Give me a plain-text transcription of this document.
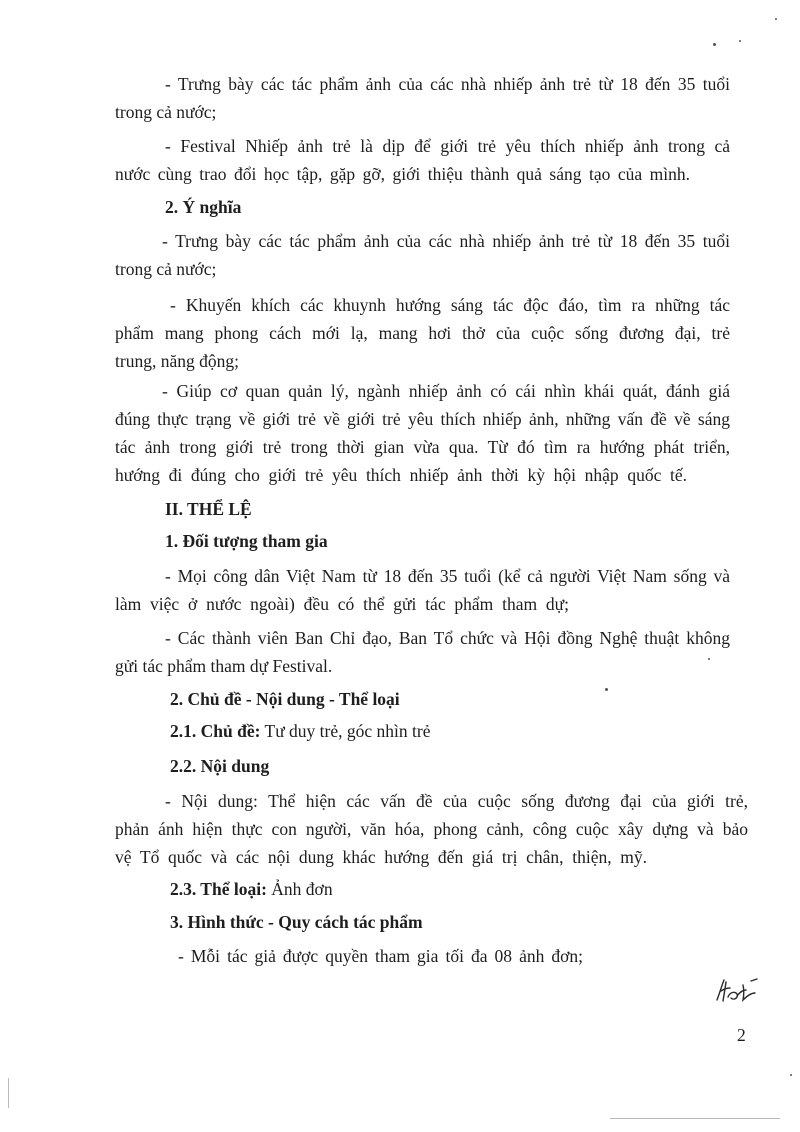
- Trưng bày các tác phẩm ảnh của các nhà nhiếp ảnh trẻ từ 18 đến 35 tuổi

trong cả nước;

- Festival Nhiếp ảnh trẻ là dịp để giới trẻ yêu thích nhiếp ảnh trong cả

nước cùng trao đổi học tập, gặp gỡ, giới thiệu thành quả sáng tạo của mình.

2. Ý nghĩa

- Trưng bày các tác phẩm ảnh của các nhà nhiếp ảnh trẻ từ 18 đến 35 tuổi

trong cả nước;

- Khuyến khích các khuynh hướng sáng tác độc đáo, tìm ra những tác

phẩm mang phong cách mới lạ, mang hơi thở của cuộc sống đương đại, trẻ

trung, năng động;

- Giúp cơ quan quản lý, ngành nhiếp ảnh có cái nhìn khái quát, đánh giá

đúng thực trạng về giới trẻ về giới trẻ yêu thích nhiếp ảnh, những vấn đề về sáng

tác ảnh trong giới trẻ trong thời gian vừa qua. Từ đó tìm ra hướng phát triển,

hướng đi đúng cho giới trẻ yêu thích nhiếp ảnh thời kỳ hội nhập quốc tế.

II. THỂ LỆ

1. Đối tượng tham gia

- Mọi công dân Việt Nam từ 18 đến 35 tuổi (kể cả người Việt Nam sống và

làm việc ở nước ngoài) đều có thể gửi tác phẩm tham dự;

- Các thành viên Ban Chỉ đạo, Ban Tổ chức và Hội đồng Nghệ thuật không

gửi tác phẩm tham dự Festival.

2. Chủ đề - Nội dung - Thể loại

2.1. Chủ đề: Tư duy trẻ, góc nhìn trẻ

2.2. Nội dung

- Nội dung: Thể hiện các vấn đề của cuộc sống đương đại của giới trẻ,

phản ánh hiện thực con người, văn hóa, phong cảnh, công cuộc xây dựng và bảo

vệ Tổ quốc và các nội dung khác hướng đến giá trị chân, thiện, mỹ.

2.3. Thể loại: Ảnh đơn

3. Hình thức - Quy cách tác phẩm

- Mỗi tác giả được quyền tham gia tối đa 08 ảnh đơn;

2
